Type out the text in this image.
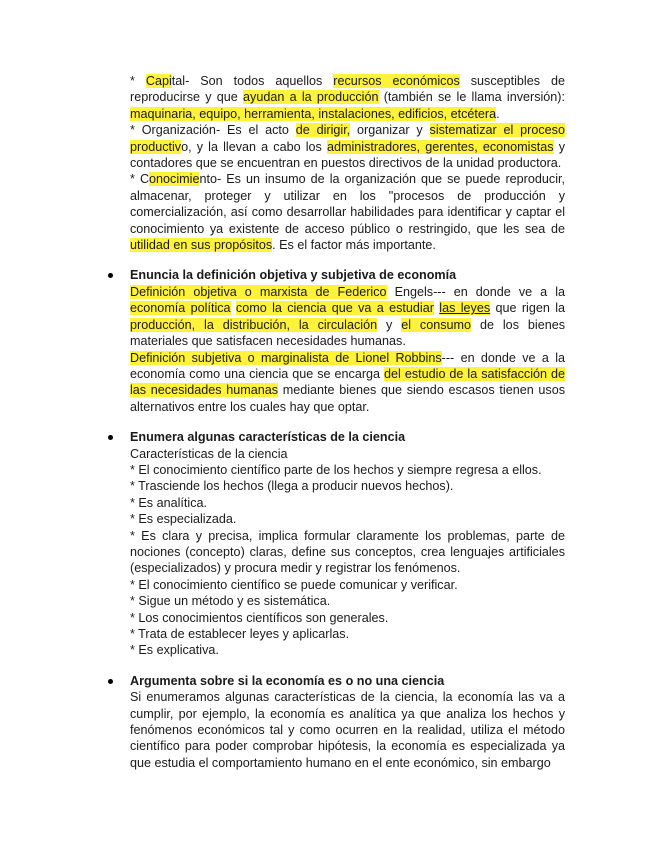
* Capital- Son todos aquellos recursos económicos susceptibles de reproducirse y que ayudan a la producción (también se le llama inversión): maquinaria, equipo, herramienta, instalaciones, edificios, etcétera.

* Organización- Es el acto de dirigir, organizar y sistematizar el proceso productivo, y la llevan a cabo los administradores, gerentes, economistas y contadores que se encuentran en puestos directivos de la unidad productora.

* Conocimiento- Es un insumo de la organización que se puede reproducir, almacenar, proteger y utilizar en los "procesos de producción y comercialización, así como desarrollar habilidades para identificar y captar el conocimiento ya existente de acceso público o restringido, que les sea de utilidad en sus propósitos. Es el factor más importante.

Enuncia la definición objetiva y subjetiva de economía

Definición objetiva o marxista de Federico Engels--- en donde ve a la economía política como la ciencia que va a estudiar las leyes que rigen la producción, la distribución, la circulación y el consumo de los bienes materiales que satisfacen necesidades humanas.

Definición subjetiva o marginalista de Lionel Robbins--- en donde ve a la economía como una ciencia que se encarga del estudio de la satisfacción de las necesidades humanas mediante bienes que siendo escasos tienen usos alternativos entre los cuales hay que optar.

Enumera algunas características de la ciencia

Características de la ciencia

* El conocimiento científico parte de los hechos y siempre regresa a ellos.

* Trasciende los hechos (llega a producir nuevos hechos).

* Es analítica.

* Es especializada.

* Es clara y precisa, implica formular claramente los problemas, parte de nociones (concepto) claras, define sus conceptos, crea lenguajes artificiales (especializados) y procura medir y registrar los fenómenos.

* El conocimiento científico se puede comunicar y verificar.

* Sigue un método y es sistemática.

* Los conocimientos científicos son generales.

* Trata de establecer leyes y aplicarlas.

* Es explicativa.

Argumenta sobre si la economía es o no una ciencia

Si enumeramos algunas características de la ciencia, la economía las va a cumplir, por ejemplo, la economía es analítica ya que analiza los hechos y fenómenos económicos tal y como ocurren en la realidad, utiliza el método científico para poder comprobar hipótesis, la economía es especializada ya que estudia el comportamiento humano en el ente económico, sin embargo
